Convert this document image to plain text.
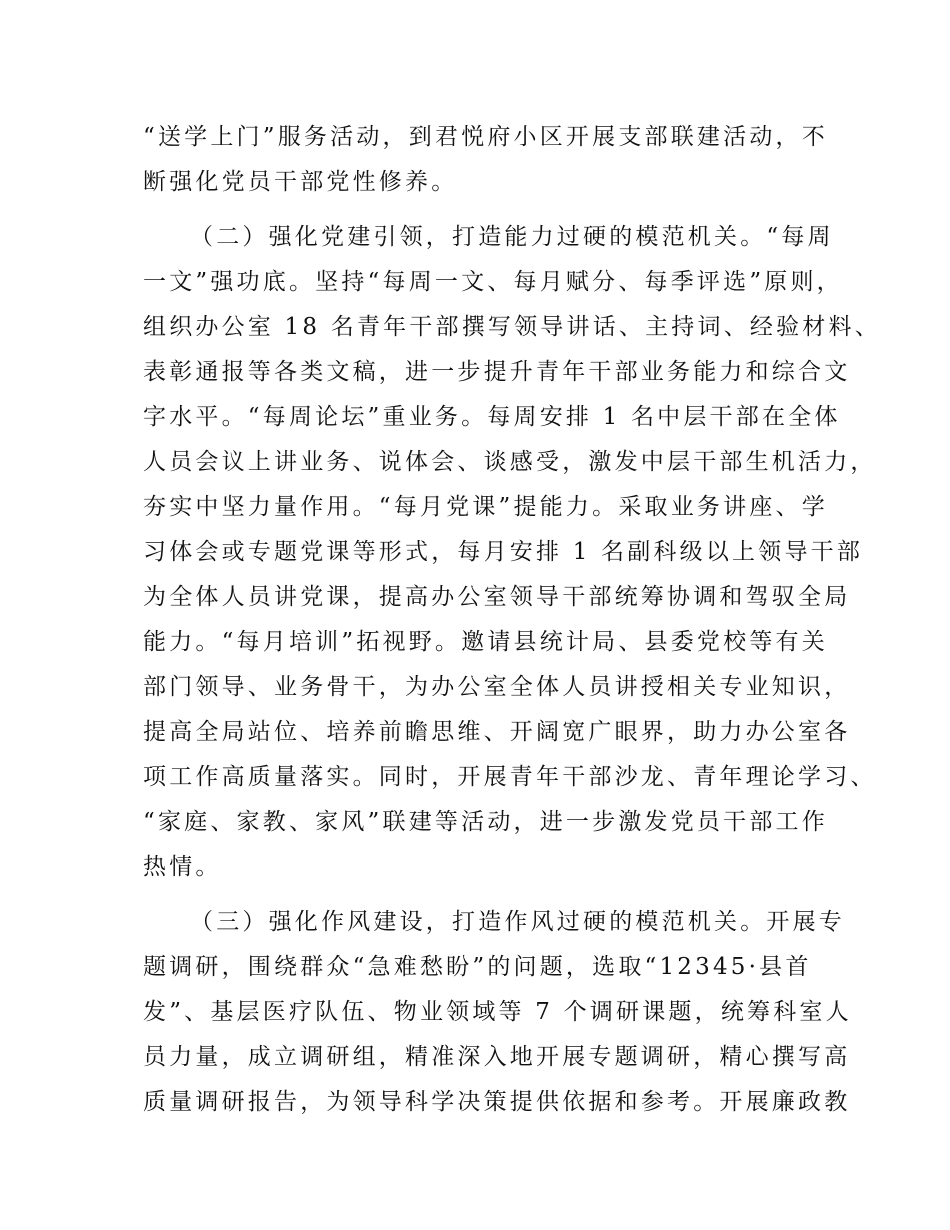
“送学上门”服务活动，到君悦府小区开展支部联建活动，不
断强化党员干部党性修养。
（二）强化党建引领，打造能力过硬的模范机关。“每周
一文”强功底。坚持“每周一文、每月赋分、每季评选”原则，
组织办公室 18 名青年干部撰写领导讲话、主持词、经验材料、
表彰通报等各类文稿，进一步提升青年干部业务能力和综合文
字水平。“每周论坛”重业务。每周安排 1 名中层干部在全体
人员会议上讲业务、说体会、谈感受，激发中层干部生机活力，
夯实中坚力量作用。“每月党课”提能力。采取业务讲座、学
习体会或专题党课等形式，每月安排 1 名副科级以上领导干部
为全体人员讲党课，提高办公室领导干部统筹协调和驾驭全局
能力。“每月培训”拓视野。邀请县统计局、县委党校等有关
部门领导、业务骨干，为办公室全体人员讲授相关专业知识，
提高全局站位、培养前瞻思维、开阔宽广眼界，助力办公室各
项工作高质量落实。同时，开展青年干部沙龙、青年理论学习、
“家庭、家教、家风”联建等活动，进一步激发党员干部工作
热情。
（三）强化作风建设，打造作风过硬的模范机关。开展专
题调研，围绕群众“急难愁盼”的问题，选取“12345·县首
发”、基层医疗队伍、物业领域等 7 个调研课题，统筹科室人
员力量，成立调研组，精准深入地开展专题调研，精心撰写高
质量调研报告，为领导科学决策提供依据和参考。开展廉政教
